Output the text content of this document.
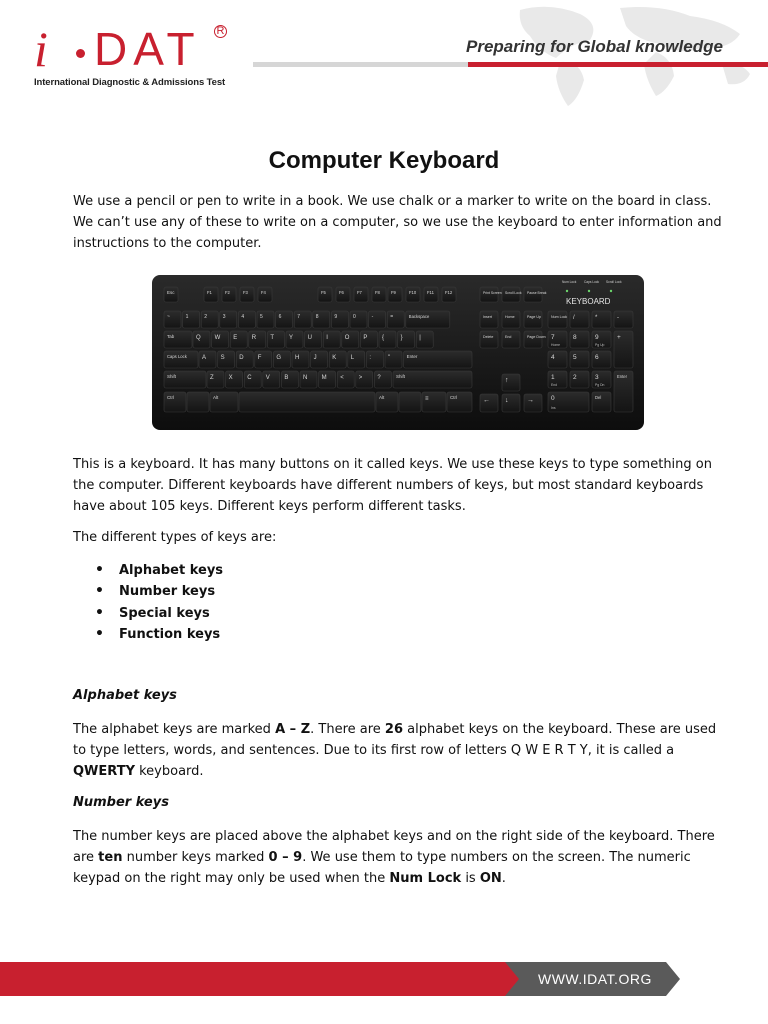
i DAT R
International Diagnostic & Admissions Test
Preparing for Global knowledge
Computer Keyboard
We use a pencil or pen to write in a book. We use chalk or a marker to write on the board in class. We can’t use any of these to write on a computer, so we use the keyboard to enter information and instructions to the computer.
Esc	F1	F2	F3	F4	F5	F6	F7	F8	F9	F10	F11	F12
~	1	2	3	4	5	6	7	8	9	0	-	=	Backspace
Tab	Q W E R T Y U I	O P {	}	|
Caps Lock	A S D F G H J	K L	:	"	Enter
Shift	Z X C V B N M <	>	?	Shift
Ctrl	Alt	Alt	≡	Ctrl
Print Screen Scroll Lock Pause Break
Insert	Home	Page Up
Delete	End	Page Down
↑
← ↓	→
Num Lock /	*	-
7	8	9	+
4	5	6
1	2	3	Enter
0	Del
Home	Pg Up
End	Pg Dn
Ins
Num Lock Caps Lock Scroll Lock
KEYBOARD
This is a keyboard. It has many buttons on it called keys. We use these keys to type something on the computer. Different keyboards have different numbers of keys, but most standard keyboards have about 105 keys. Different keys perform different tasks.
The different types of keys are:
• Alphabet keys
• Number keys
• Special keys
• Function keys
Alphabet keys
The alphabet keys are marked A – Z. There are 26 alphabet keys on the keyboard. These are used to type letters, words, and sentences. Due to its first row of letters Q W E R T Y, it is called a QWERTY keyboard.
Number keys
The number keys are placed above the alphabet keys and on the right side of the keyboard. There are ten number keys marked 0 – 9. We use them to type numbers on the screen. The numeric keypad on the right may only be used when the Num Lock is ON.
WWW.IDAT.ORG
